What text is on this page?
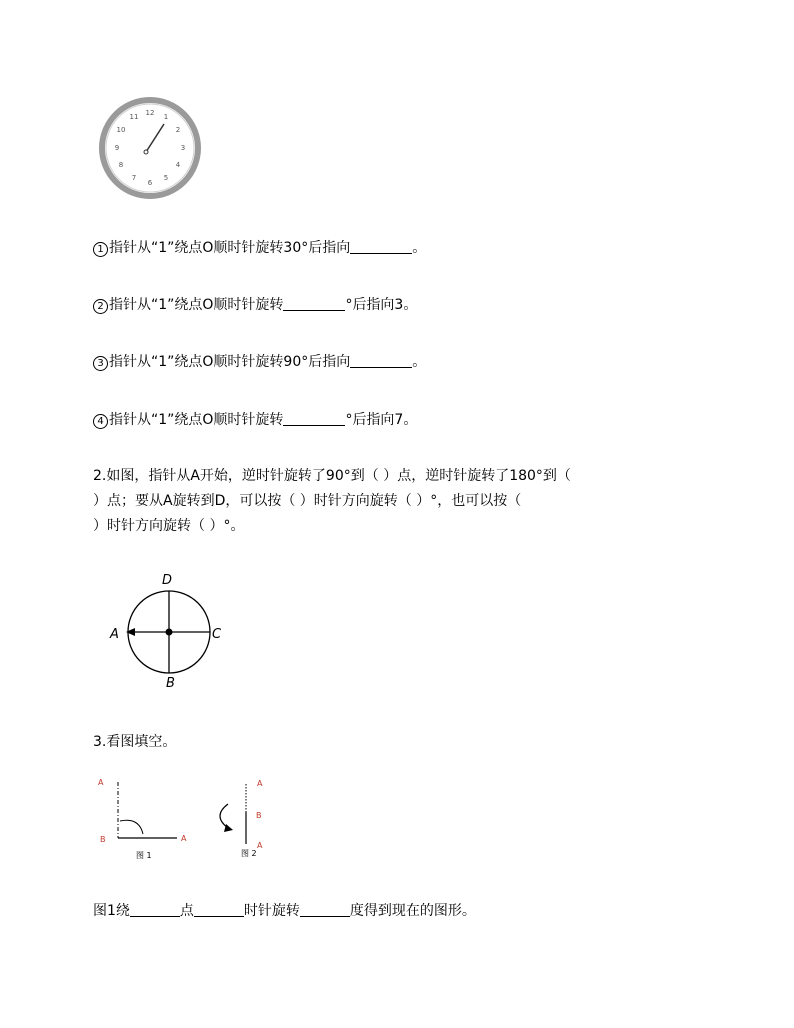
12 1
2
3
4
5
6
7
8
9
10
11
1 指针从“1”绕点O顺时针旋转30°后指向	。
2 指针从“1”绕点O顺时针旋转	°后指向3。
3 指针从“1”绕点O顺时针旋转90°后指向	。
4 指针从“1”绕点O顺时针旋转	°后指向7。
2.如图，指针从A开始，逆时针旋转了90°到（ ）点，逆时针旋转了180°到（
）点；要从A旋转到D，可以按（ ）时针方向旋转（ ）°，也可以按（
）时针方向旋转（ ）°。
D
A	C
B
3.看图填空。
A
B	A
图 1
A
B
A
图 2
图1绕	点	时针旋转	度得到现在的图形。
